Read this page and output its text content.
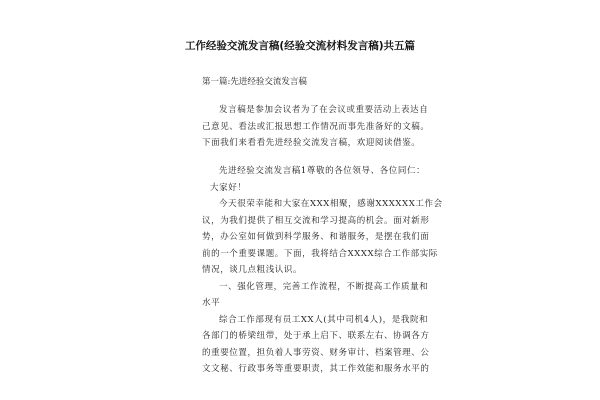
工作经验交流发言稿(经验交流材料发言稿)共五篇
第一篇:先进经验交流发言稿
发言稿是参加会议者为了在会议或重要活动上表达自
己意见、看法或汇报思想工作情况而事先准备好的文稿。
下面我们来看看先进经验交流发言稿，欢迎阅读借鉴。
先进经验交流发言稿1尊敬的各位领导、各位同仁：
大家好！
今天很荣幸能和大家在XXX相聚，感谢XXXXXX工作会
议，为我们提供了相互交流和学习提高的机会。面对新形
势，办公室如何做到科学服务、和谐服务，是摆在我们面
前的一个重要课题。下面，我将结合XXXX综合工作部实际
情况，谈几点粗浅认识。
一、强化管理，完善工作流程，不断提高工作质量和
水平
综合工作部现有员工XX人(其中司机4人)，是我院和
各部门的桥梁纽带，处于承上启下、联系左右、协调各方
的重要位置，担负着人事劳资、财务审计、档案管理、公
文文秘、行政事务等重要职责，其工作效能和服务水平的
